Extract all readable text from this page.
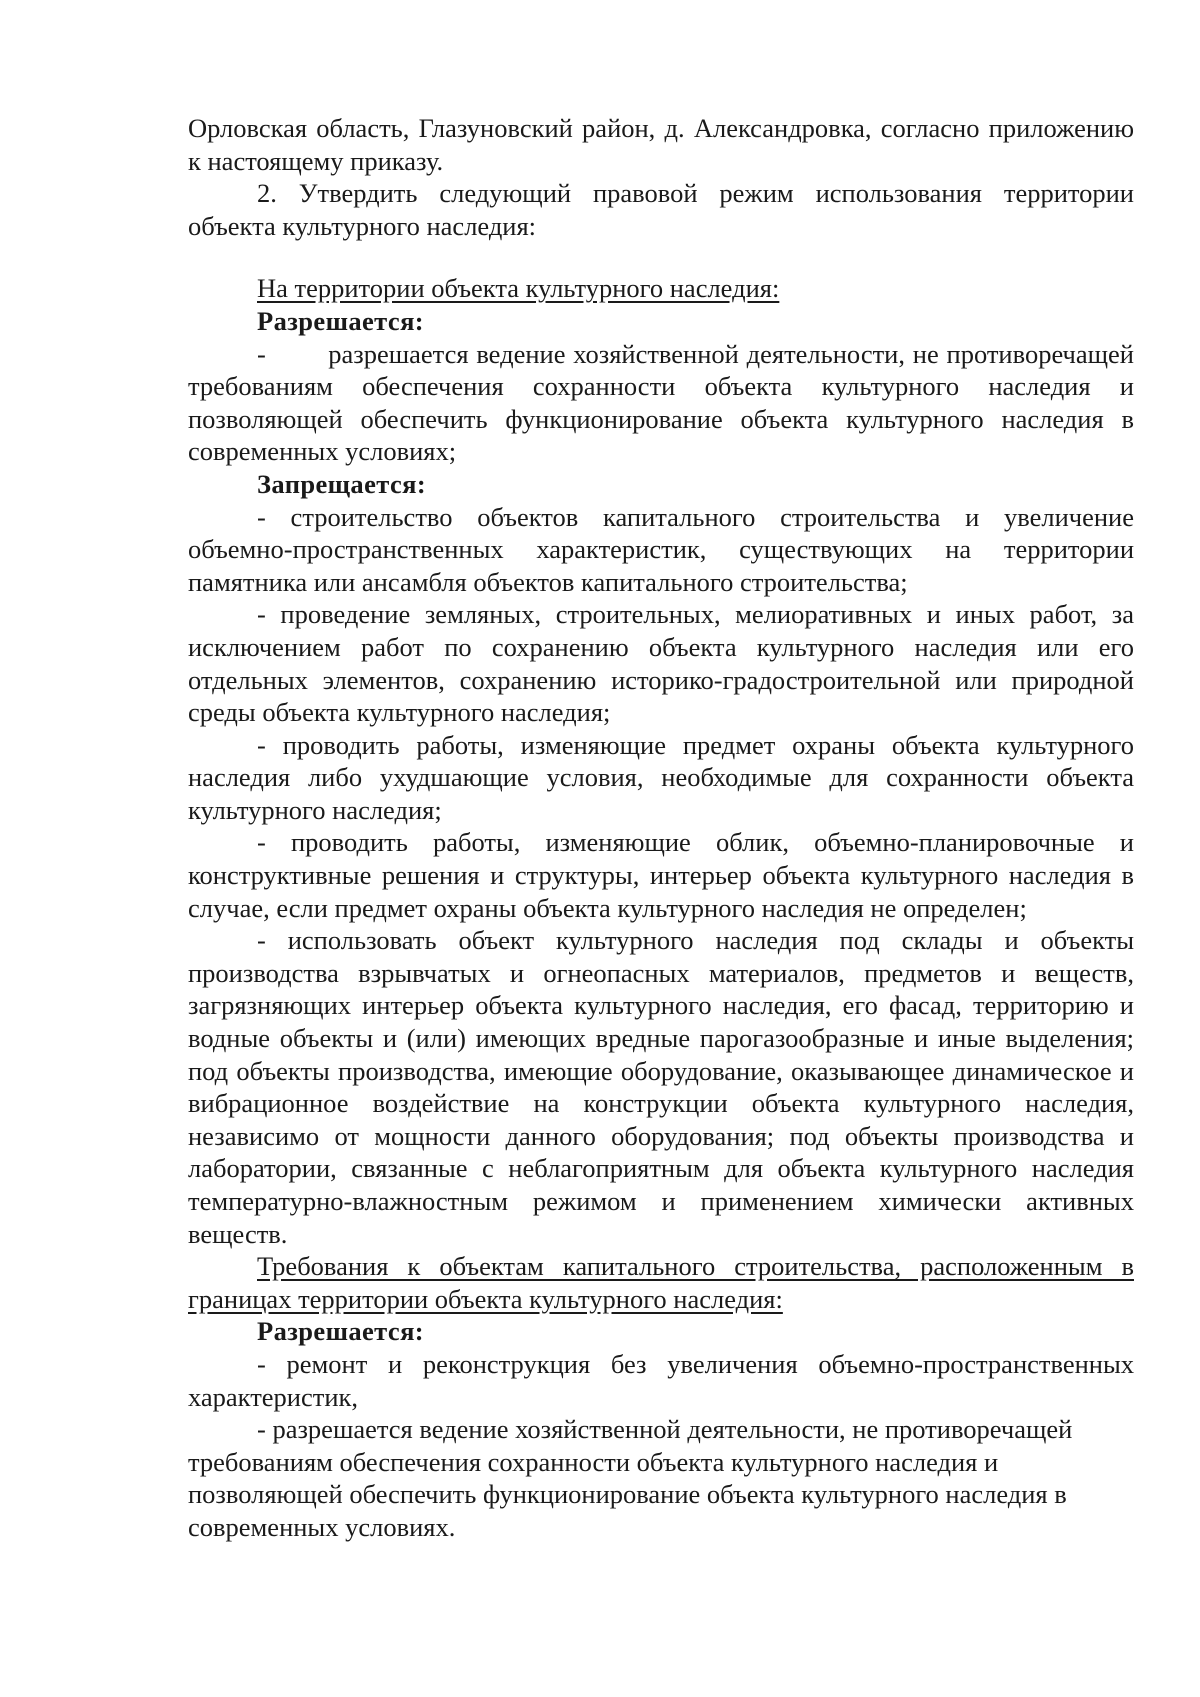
Орловская область, Глазуновский район, д. Александровка, согласно приложению к настоящему приказу.

2. Утвердить следующий правовой режим использования территории объекта культурного наследия:

На территории объекта культурного наследия:

Разрешается:

-        разрешается ведение хозяйственной деятельности, не противоречащей требованиям обеспечения сохранности объекта культурного наследия и позволяющей обеспечить функционирование объекта культурного наследия в современных условиях;

Запрещается:

- строительство объектов капитального строительства и увеличение объемно-пространственных характеристик, существующих на территории памятника или ансамбля объектов капитального строительства;

- проведение земляных, строительных, мелиоративных и иных работ, за исключением работ по сохранению объекта культурного наследия или его отдельных элементов, сохранению историко-градостроительной или природной среды объекта культурного наследия;

- проводить работы, изменяющие предмет охраны объекта культурного наследия либо ухудшающие условия, необходимые для сохранности объекта культурного наследия;

- проводить работы, изменяющие облик, объемно-планировочные и конструктивные решения и структуры, интерьер объекта культурного наследия в случае, если предмет охраны объекта культурного наследия не определен;

- использовать объект культурного наследия под склады и объекты производства взрывчатых и огнеопасных материалов, предметов и веществ, загрязняющих интерьер объекта культурного наследия, его фасад, территорию и водные объекты и (или) имеющих вредные парогазообразные и иные выделения; под объекты производства, имеющие оборудование, оказывающее динамическое и вибрационное воздействие на конструкции объекта культурного наследия, независимо от мощности данного оборудования; под объекты производства и лаборатории, связанные с неблагоприятным для объекта культурного наследия температурно-влажностным режимом и применением химически активных веществ.

Требования к объектам капитального строительства, расположенным в границах территории объекта культурного наследия:

Разрешается:

- ремонт и реконструкция без увеличения объемно-пространственных характеристик,

- разрешается ведение хозяйственной деятельности, не противоречащей требованиям обеспечения сохранности объекта культурного наследия и позволяющей обеспечить функционирование объекта культурного наследия в современных условиях.
